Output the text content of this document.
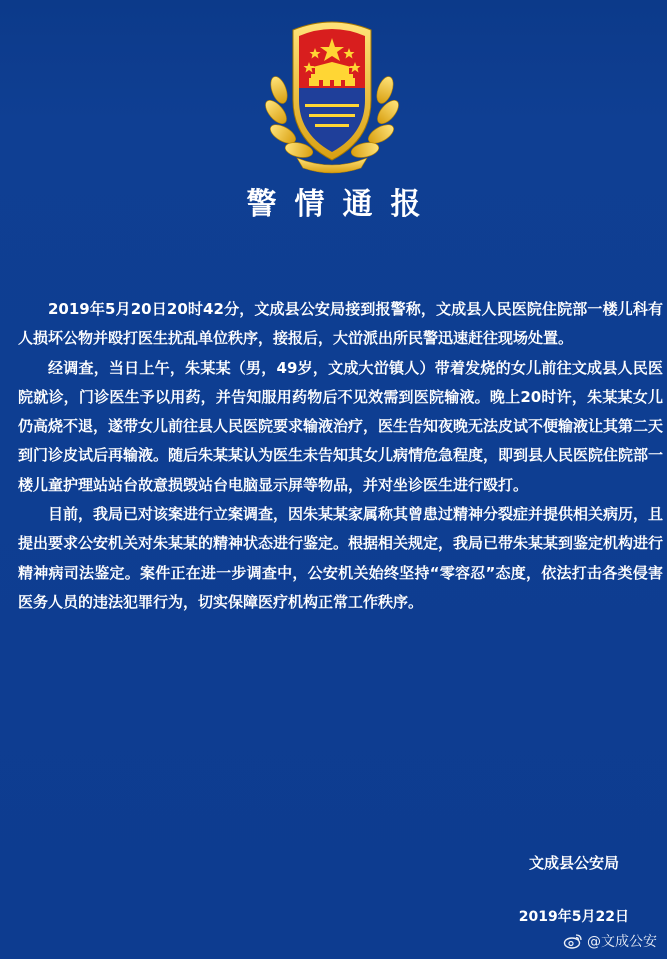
警情通报

2019年5月20日20时42分，文成县公安局接到报警称，文成县人民医院住院部一楼儿科有人损坏公物并殴打医生扰乱单位秩序，接报后，大峃派出所民警迅速赶往现场处置。

经调查，当日上午，朱某某（男，49岁，文成大峃镇人）带着发烧的女儿前往文成县人民医院就诊，门诊医生予以用药，并告知服用药物后不见效需到医院输液。晚上20时许，朱某某女儿仍高烧不退，遂带女儿前往县人民医院要求输液治疗，医生告知夜晚无法皮试不便输液让其第二天到门诊皮试后再输液。随后朱某某认为医生未告知其女儿病情危急程度，即到县人民医院住院部一楼儿童护理站站台故意损毁站台电脑显示屏等物品，并对坐诊医生进行殴打。

目前，我局已对该案进行立案调查，因朱某某家属称其曾患过精神分裂症并提供相关病历，且提出要求公安机关对朱某某的精神状态进行鉴定。根据相关规定，我局已带朱某某到鉴定机构进行精神病司法鉴定。案件正在进一步调查中，公安机关始终坚持“零容忍”态度，依法打击各类侵害医务人员的违法犯罪行为，切实保障医疗机构正常工作秩序。

文成县公安局
2019年5月22日
@文成公安
